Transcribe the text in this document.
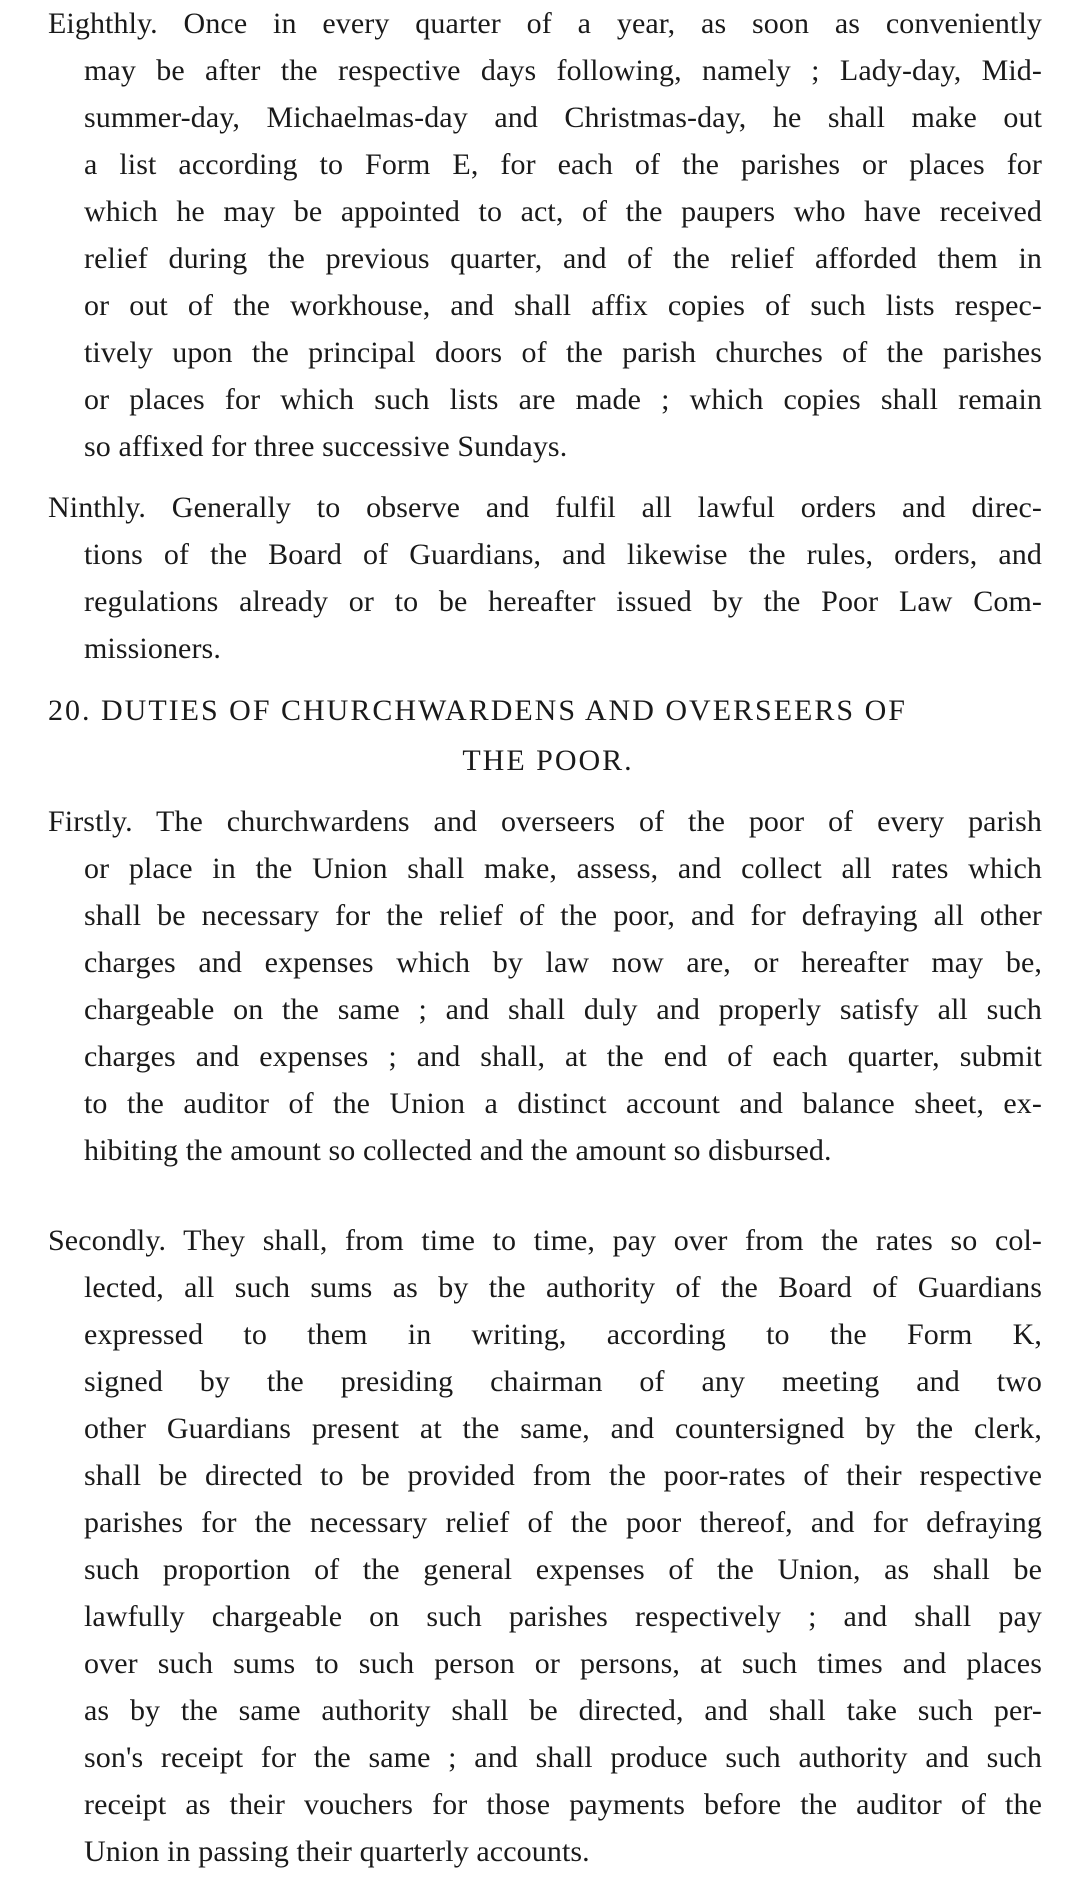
Eighthly. Once in every quarter of a year, as soon as conveniently
may be after the respective days following, namely ; Lady-day, Mid-
summer-day, Michaelmas-day and Christmas-day, he shall make out
a list according to Form E, for each of the parishes or places for
which he may be appointed to act, of the paupers who have received
relief during the previous quarter, and of the relief afforded them in
or out of the workhouse, and shall affix copies of such lists respec-
tively upon the principal doors of the parish churches of the parishes
or places for which such lists are made ; which copies shall remain
so affixed for three successive Sundays.
Ninthly. Generally to observe and fulfil all lawful orders and direc-
tions of the Board of Guardians, and likewise the rules, orders, and
regulations already or to be hereafter issued by the Poor Law Com-
missioners.
20. DUTIES OF CHURCHWARDENS AND OVERSEERS OF
THE POOR.
Firstly. The churchwardens and overseers of the poor of every parish
or place in the Union shall make, assess, and collect all rates which
shall be necessary for the relief of the poor, and for defraying all other
charges and expenses which by law now are, or hereafter may be,
chargeable on the same ; and shall duly and properly satisfy all such
charges and expenses ; and shall, at the end of each quarter, submit
to the auditor of the Union a distinct account and balance sheet, ex-
hibiting the amount so collected and the amount so disbursed.
Secondly. They shall, from time to time, pay over from the rates so col-
lected, all such sums as by the authority of the Board of Guardians
expressed to them in writing, according to the Form K,
signed by the presiding chairman of any meeting and two
other Guardians present at the same, and countersigned by the clerk,
shall be directed to be provided from the poor-rates of their respective
parishes for the necessary relief of the poor thereof, and for defraying
such proportion of the general expenses of the Union, as shall be
lawfully chargeable on such parishes respectively ; and shall pay
over such sums to such person or persons, at such times and places
as by the same authority shall be directed, and shall take such per-
son's receipt for the same ; and shall produce such authority and such
receipt as their vouchers for those payments before the auditor of the
Union in passing their quarterly accounts.
